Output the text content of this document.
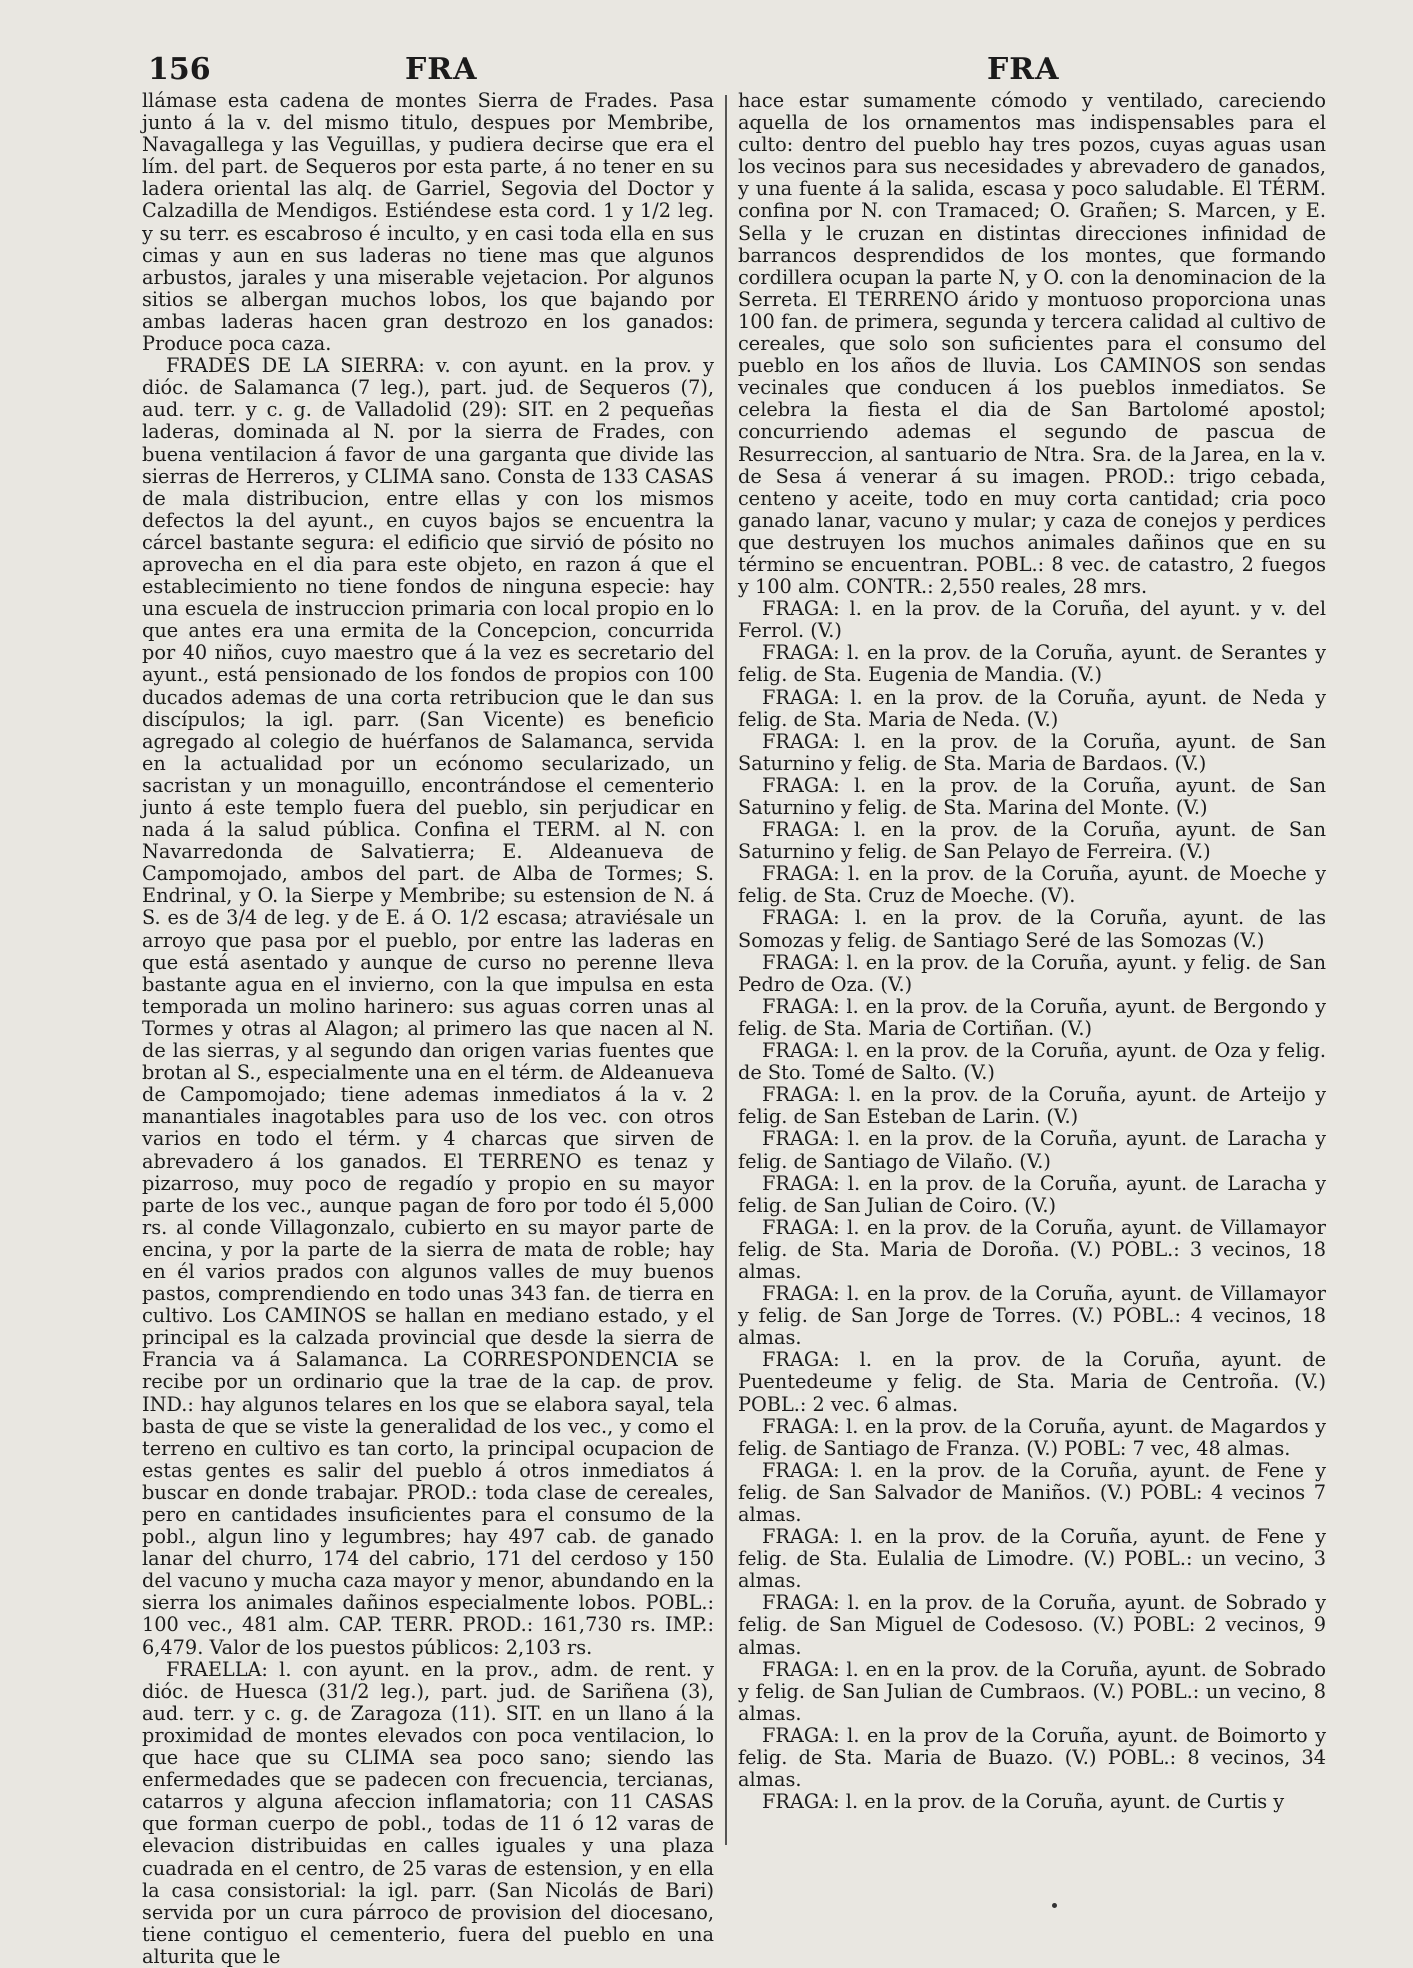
156	FRA	FRA

llámase esta cadena de montes Sierra de Frades. Pasa junto á la v. del mismo titulo, despues por Membribe, Navagallega y las Veguillas, y pudiera decirse que era el lím. del part. de Sequeros por esta parte, á no tener en su ladera oriental las alq. de Garriel, Segovia del Doctor y Calzadilla de Mendigos. Estiéndese esta cord. 1 y 1/2 leg. y su terr. es escabroso é inculto, y en casi toda ella en sus cimas y aun en sus laderas no tiene mas que algunos arbustos, jarales y una miserable vejetacion. Por algunos sitios se albergan muchos lobos, los que bajando por ambas laderas hacen gran destrozo en los ganados: Produce poca caza.

FRADES DE LA SIERRA: v. con ayunt. en la prov. y dióc. de Salamanca (7 leg.), part. jud. de Sequeros (7), aud. terr. y c. g. de Valladolid (29): SIT. en 2 pequeñas laderas, dominada al N. por la sierra de Frades, con buena ventilacion á favor de una garganta que divide las sierras de Herreros, y CLIMA sano. Consta de 133 CASAS de mala distribucion, entre ellas y con los mismos defectos la del ayunt., en cuyos bajos se encuentra la cárcel bastante segura: el edificio que sirvió de pósito no aprovecha en el dia para este objeto, en razon á que el establecimiento no tiene fondos de ninguna especie: hay una escuela de instruccion primaria con local propio en lo que antes era una ermita de la Concepcion, concurrida por 40 niños, cuyo maestro que á la vez es secretario del ayunt., está pensionado de los fondos de propios con 100 ducados ademas de una corta retribucion que le dan sus discípulos; la igl. parr. (San Vicente) es beneficio agregado al colegio de huérfanos de Salamanca, servida en la actualidad por un ecónomo secularizado, un sacristan y un monaguillo, encontrándose el cementerio junto á este templo fuera del pueblo, sin perjudicar en nada á la salud pública. Confina el TERM. al N. con Navarredonda de Salvatierra; E. Aldeanueva de Campomojado, ambos del part. de Alba de Tormes; S. Endrinal, y O. la Sierpe y Membribe; su estension de N. á S. es de 3/4 de leg. y de E. á O. 1/2 escasa; atraviésale un arroyo que pasa por el pueblo, por entre las laderas en que está asentado y aunque de curso no perenne lleva bastante agua en el invierno, con la que impulsa en esta temporada un molino harinero: sus aguas corren unas al Tormes y otras al Alagon; al primero las que nacen al N. de las sierras, y al segundo dan origen varias fuentes que brotan al S., especialmente una en el térm. de Aldeanueva de Campomojado; tiene ademas inmediatos á la v. 2 manantiales inagotables para uso de los vec. con otros varios en todo el térm. y 4 charcas que sirven de abrevadero á los ganados. El TERRENO es tenaz y pizarroso, muy poco de regadío y propio en su mayor parte de los vec., aunque pagan de foro por todo él 5,000 rs. al conde Villagonzalo, cubierto en su mayor parte de encina, y por la parte de la sierra de mata de roble; hay en él varios prados con algunos valles de muy buenos pastos, comprendiendo en todo unas 343 fan. de tierra en cultivo. Los CAMINOS se hallan en mediano estado, y el principal es la calzada provincial que desde la sierra de Francia va á Salamanca. La CORRESPONDENCIA se recibe por un ordinario que la trae de la cap. de prov. IND.: hay algunos telares en los que se elabora sayal, tela basta de que se viste la generalidad de los vec., y como el terreno en cultivo es tan corto, la principal ocupacion de estas gentes es salir del pueblo á otros inmediatos á buscar en donde trabajar. PROD.: toda clase de cereales, pero en cantidades insuficientes para el consumo de la pobl., algun lino y legumbres; hay 497 cab. de ganado lanar del churro, 174 del cabrio, 171 del cerdoso y 150 del vacuno y mucha caza mayor y menor, abundando en la sierra los animales dañinos especialmente lobos. POBL.: 100 vec., 481 alm. CAP. TERR. PROD.: 161,730 rs. IMP.: 6,479. Valor de los puestos públicos: 2,103 rs.

FRAELLA: l. con ayunt. en la prov., adm. de rent. y dióc. de Huesca (31/2 leg.), part. jud. de Sariñena (3), aud. terr. y c. g. de Zaragoza (11). SIT. en un llano á la proximidad de montes elevados con poca ventilacion, lo que hace que su CLIMA sea poco sano; siendo las enfermedades que se padecen con frecuencia, tercianas, catarros y alguna afeccion inflamatoria; con 11 CASAS que forman cuerpo de pobl., todas de 11 ó 12 varas de elevacion distribuidas en calles iguales y una plaza cuadrada en el centro, de 25 varas de estension, y en ella la casa consistorial: la igl. parr. (San Nicolás de Bari) servida por un cura párroco de provision del diocesano, tiene contiguo el cementerio, fuera del pueblo en una alturita que le

hace estar sumamente cómodo y ventilado, careciendo aquella de los ornamentos mas indispensables para el culto: dentro del pueblo hay tres pozos, cuyas aguas usan los vecinos para sus necesidades y abrevadero de ganados, y una fuente á la salida, escasa y poco saludable. El TÉRM. confina por N. con Tramaced; O. Grañen; S. Marcen, y E. Sella y le cruzan en distintas direcciones infinidad de barrancos desprendidos de los montes, que formando cordillera ocupan la parte N, y O. con la denominacion de la Serreta. El TERRENO árido y montuoso proporciona unas 100 fan. de primera, segunda y tercera calidad al cultivo de cereales, que solo son suficientes para el consumo del pueblo en los años de lluvia. Los CAMINOS son sendas vecinales que conducen á los pueblos inmediatos. Se celebra la fiesta el dia de San Bartolomé apostol; concurriendo ademas el segundo de pascua de Resurreccion, al santuario de Ntra. Sra. de la Jarea, en la v. de Sesa á venerar á su imagen. PROD.: trigo cebada, centeno y aceite, todo en muy corta cantidad; cria poco ganado lanar, vacuno y mular; y caza de conejos y perdices que destruyen los muchos animales dañinos que en su término se encuentran. POBL.: 8 vec. de catastro, 2 fuegos y 100 alm. CONTR.: 2,550 reales, 28 mrs.

FRAGA: l. en la prov. de la Coruña, del ayunt. y v. del Ferrol. (V.)

FRAGA: l. en la prov. de la Coruña, ayunt. de Serantes y felig. de Sta. Eugenia de Mandia. (V.)

FRAGA: l. en la prov. de la Coruña, ayunt. de Neda y felig. de Sta. Maria de Neda. (V.)

FRAGA: l. en la prov. de la Coruña, ayunt. de San Saturnino y felig. de Sta. Maria de Bardaos. (V.)

FRAGA: l. en la prov. de la Coruña, ayunt. de San Saturnino y felig. de Sta. Marina del Monte. (V.)

FRAGA: l. en la prov. de la Coruña, ayunt. de San Saturnino y felig. de San Pelayo de Ferreira. (V.)

FRAGA: l. en la prov. de la Coruña, ayunt. de Moeche y felig. de Sta. Cruz de Moeche. (V).

FRAGA: l. en la prov. de la Coruña, ayunt. de las Somozas y felig. de Santiago Seré de las Somozas (V.)

FRAGA: l. en la prov. de la Coruña, ayunt. y felig. de San Pedro de Oza. (V.)

FRAGA: l. en la prov. de la Coruña, ayunt. de Bergondo y felig. de Sta. Maria de Cortiñan. (V.)

FRAGA: l. en la prov. de la Coruña, ayunt. de Oza y felig. de Sto. Tomé de Salto. (V.)

FRAGA: l. en la prov. de la Coruña, ayunt. de Arteijo y felig. de San Esteban de Larin. (V.)

FRAGA: l. en la prov. de la Coruña, ayunt. de Laracha y felig. de Santiago de Vilaño. (V.)

FRAGA: l. en la prov. de la Coruña, ayunt. de Laracha y felig. de San Julian de Coiro. (V.)

FRAGA: l. en la prov. de la Coruña, ayunt. de Villamayor felig. de Sta. Maria de Doroña. (V.) POBL.: 3 vecinos, 18 almas.

FRAGA: l. en la prov. de la Coruña, ayunt. de Villamayor y felig. de San Jorge de Torres. (V.) POBL.: 4 vecinos, 18 almas.

FRAGA: l. en la prov. de la Coruña, ayunt. de Puentedeume y felig. de Sta. Maria de Centroña. (V.) POBL.: 2 vec. 6 almas.

FRAGA: l. en la prov. de la Coruña, ayunt. de Magardos y felig. de Santiago de Franza. (V.) POBL: 7 vec, 48 almas.

FRAGA: l. en la prov. de la Coruña, ayunt. de Fene y felig. de San Salvador de Maniños. (V.) POBL: 4 vecinos 7 almas.

FRAGA: l. en la prov. de la Coruña, ayunt. de Fene y felig. de Sta. Eulalia de Limodre. (V.) POBL.: un vecino, 3 almas.

FRAGA: l. en la prov. de la Coruña, ayunt. de Sobrado y felig. de San Miguel de Codesoso. (V.) POBL: 2 vecinos, 9 almas.

FRAGA: l. en en la prov. de la Coruña, ayunt. de Sobrado y felig. de San Julian de Cumbraos. (V.) POBL.: un vecino, 8 almas.

FRAGA: l. en la prov de la Coruña, ayunt. de Boimorto y felig. de Sta. Maria de Buazo. (V.) POBL.: 8 vecinos, 34 almas.

FRAGA: l. en la prov. de la Coruña, ayunt. de Curtis y
